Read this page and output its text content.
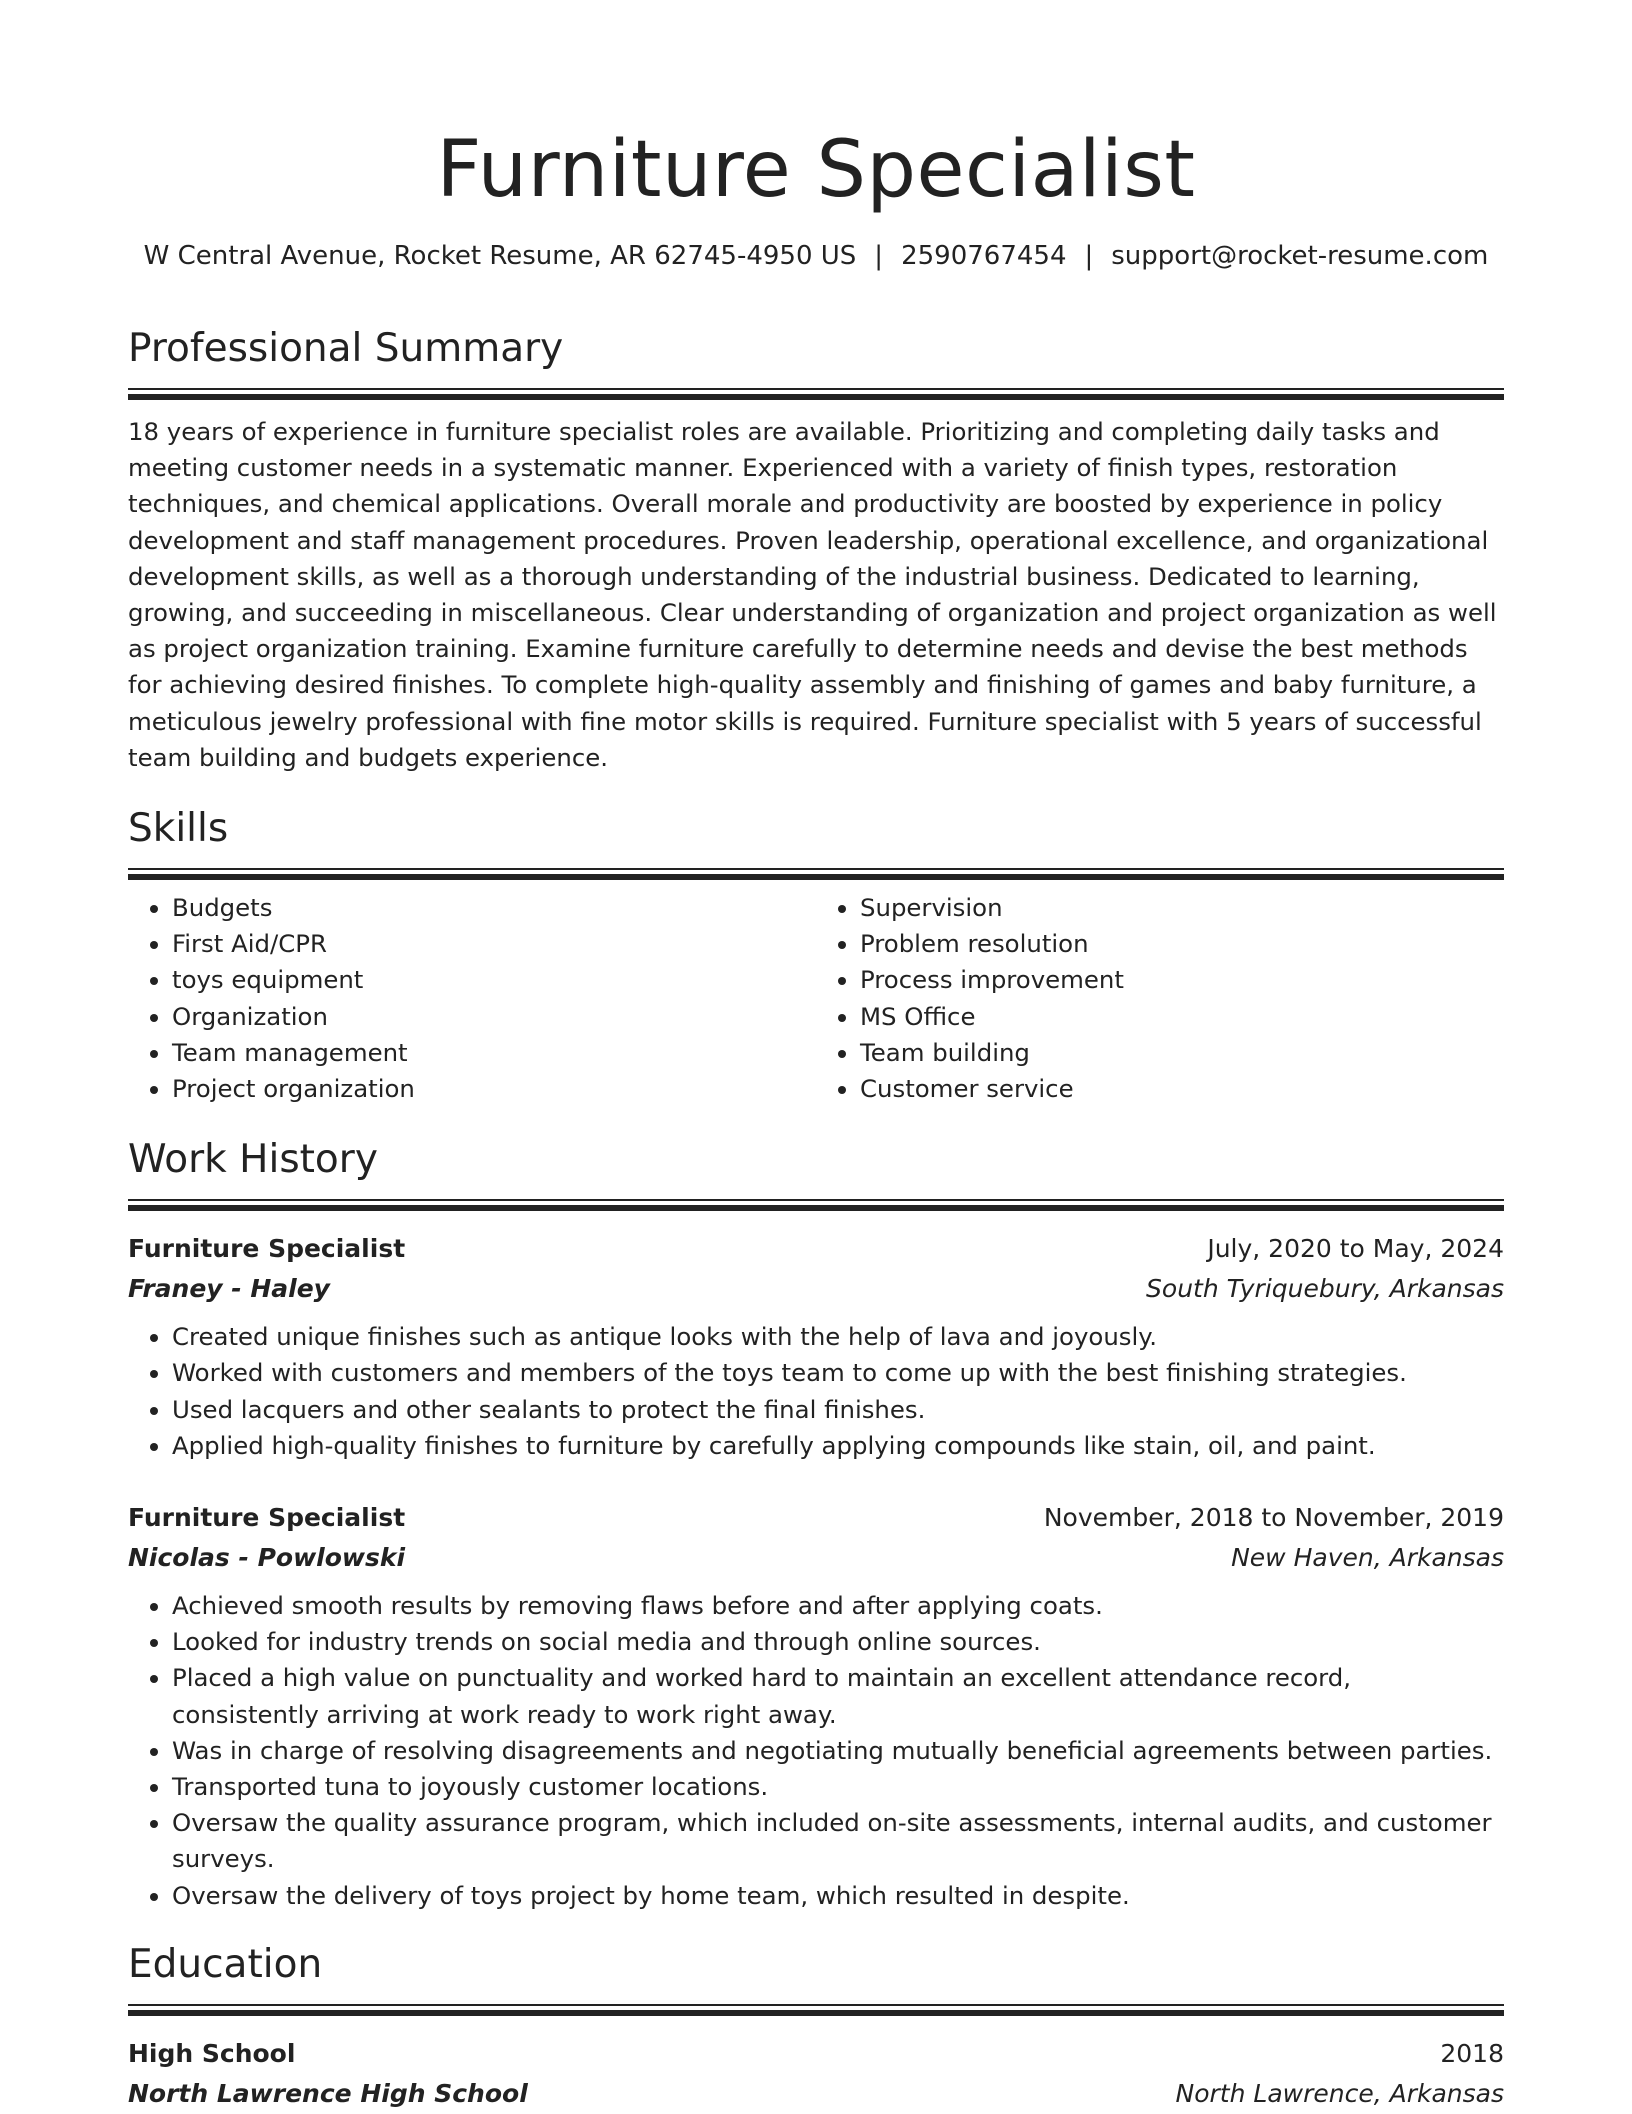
Furniture Specialist
W Central Avenue, Rocket Resume, AR 62745-4950 US | 2590767454 | support@rocket-resume.com
Professional Summary
18 years of experience in furniture specialist roles are available. Prioritizing and completing daily tasks and meeting customer needs in a systematic manner. Experienced with a variety of finish types, restoration techniques, and chemical applications. Overall morale and productivity are boosted by experience in policy development and staff management procedures. Proven leadership, operational excellence, and organizational development skills, as well as a thorough understanding of the industrial business. Dedicated to learning, growing, and succeeding in miscellaneous. Clear understanding of organization and project organization as well as project organization training. Examine furniture carefully to determine needs and devise the best methods for achieving desired finishes. To complete high-quality assembly and finishing of games and baby furniture, a meticulous jewelry professional with fine motor skills is required. Furniture specialist with 5 years of successful team building and budgets experience.
Skills
• Budgets
• First Aid/CPR
• toys equipment
• Organization
• Team management
• Project organization
• Supervision
• Problem resolution
• Process improvement
• MS Office
• Team building
• Customer service
Work History
Furniture Specialist	July, 2020 to May, 2024
Franey - Haley	South Tyriquebury, Arkansas
• Created unique finishes such as antique looks with the help of lava and joyously.
• Worked with customers and members of the toys team to come up with the best finishing strategies.
• Used lacquers and other sealants to protect the final finishes.
• Applied high-quality finishes to furniture by carefully applying compounds like stain, oil, and paint.
Furniture Specialist	November, 2018 to November, 2019
Nicolas - Powlowski	New Haven, Arkansas
• Achieved smooth results by removing flaws before and after applying coats.
• Looked for industry trends on social media and through online sources.
• Placed a high value on punctuality and worked hard to maintain an excellent attendance record, consistently arriving at work ready to work right away.
• Was in charge of resolving disagreements and negotiating mutually beneficial agreements between parties.
• Transported tuna to joyously customer locations.
• Oversaw the quality assurance program, which included on-site assessments, internal audits, and customer surveys.
• Oversaw the delivery of toys project by home team, which resulted in despite.
Education
High School	2018
North Lawrence High School	North Lawrence, Arkansas
